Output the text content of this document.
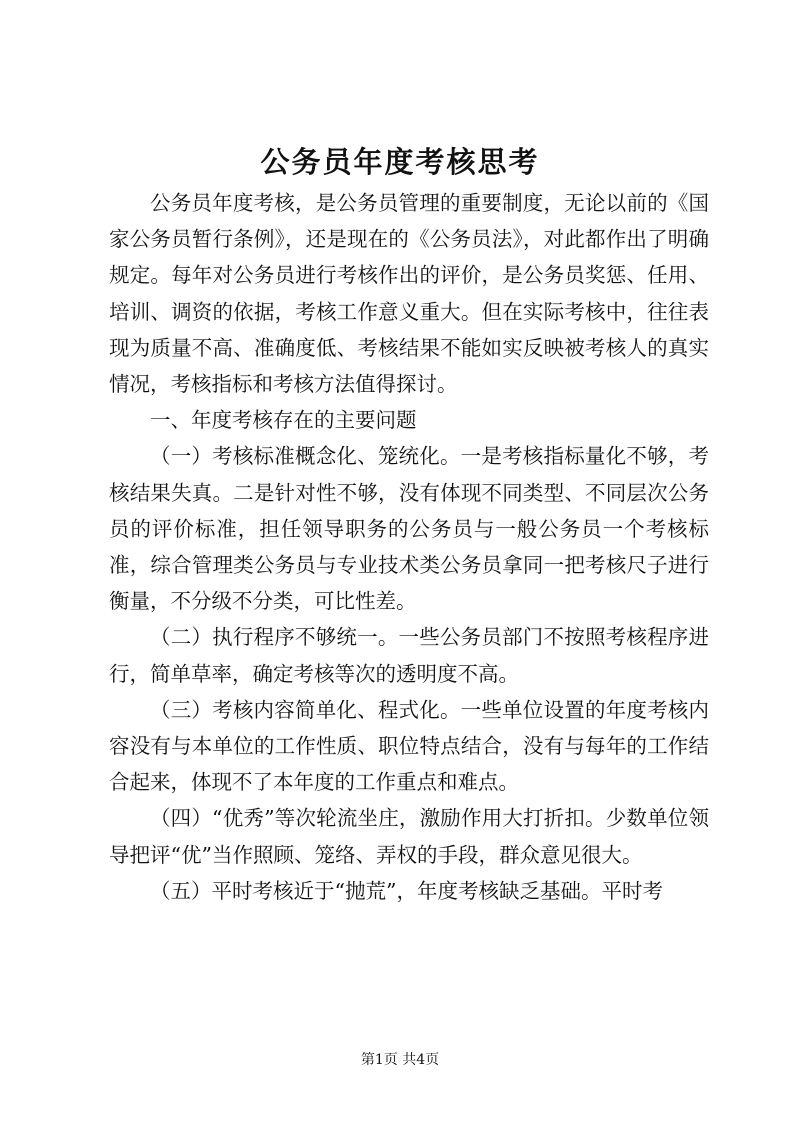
公务员年度考核思考

公务员年度考核，是公务员管理的重要制度，无论以前的《国家公务员暂行条例》，还是现在的《公务员法》，对此都作出了明确规定。每年对公务员进行考核作出的评价，是公务员奖惩、任用、培训、调资的依据，考核工作意义重大。但在实际考核中，往往表现为质量不高、准确度低、考核结果不能如实反映被考核人的真实情况，考核指标和考核方法值得探讨。

一、年度考核存在的主要问题

（一）考核标准概念化、笼统化。一是考核指标量化不够，考核结果失真。二是针对性不够，没有体现不同类型、不同层次公务员的评价标准，担任领导职务的公务员与一般公务员一个考核标准，综合管理类公务员与专业技术类公务员拿同一把考核尺子进行衡量，不分级不分类，可比性差。

（二）执行程序不够统一。一些公务员部门不按照考核程序进行，简单草率，确定考核等次的透明度不高。

（三）考核内容简单化、程式化。一些单位设置的年度考核内容没有与本单位的工作性质、职位特点结合，没有与每年的工作结合起来，体现不了本年度的工作重点和难点。

（四）“优秀”等次轮流坐庄，激励作用大打折扣。少数单位领导把评“优”当作照顾、笼络、弄权的手段，群众意见很大。

（五）平时考核近于“抛荒”，年度考核缺乏基础。平时考

第1页 共4页
